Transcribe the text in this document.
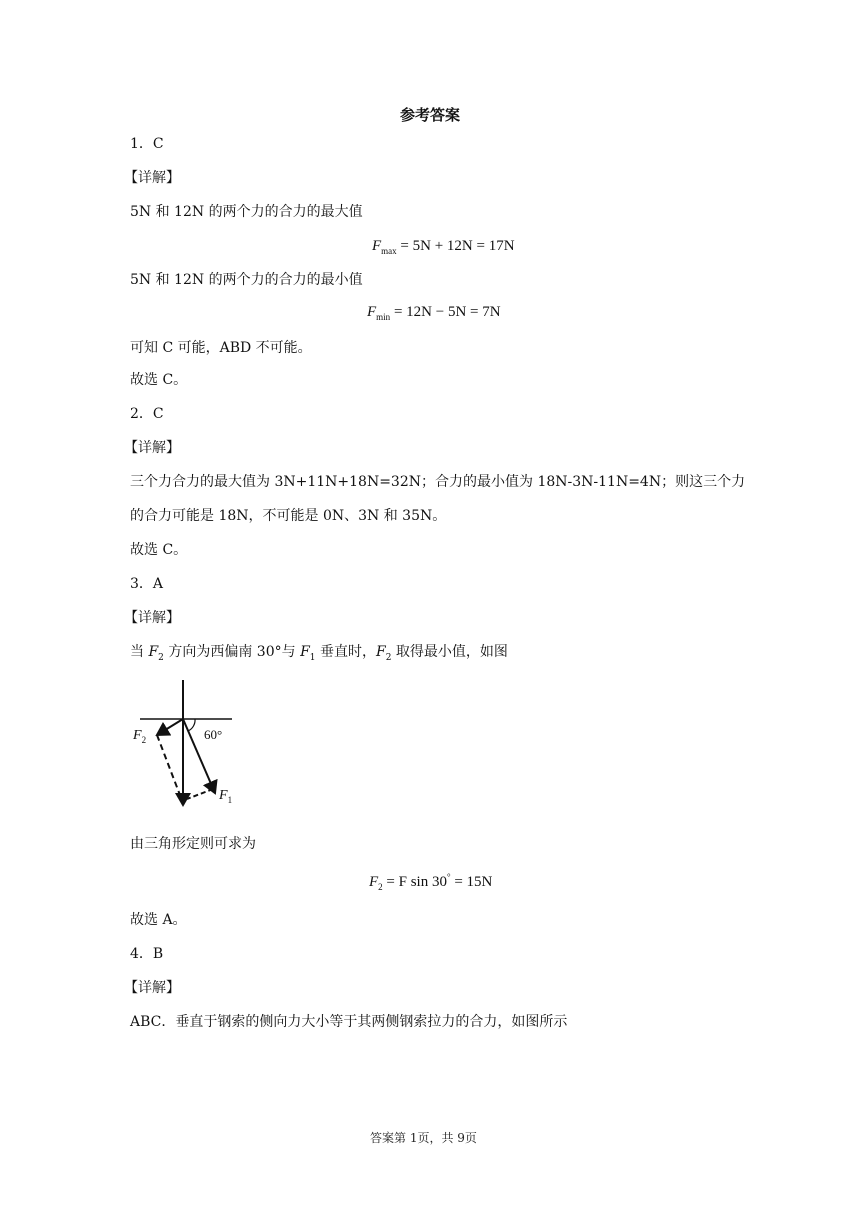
参考答案
1．C
【详解】
5N 和 12N 的两个力的合力的最大值
$F_{max} = 5N + 12N = 17N$
5N 和 12N 的两个力的合力的最小值
$F_{min} = 12N - 5N = 7N$
可知 C 可能，ABD 不可能。
故选 C。
2．C
【详解】
三个力合力的最大值为 3N+11N+18N=32N；合力的最小值为 18N-3N-11N=4N；则这三个力
的合力可能是 18N，不可能是 0N、3N 和 35N。
故选 C。
3．A
【详解】
当 $F_2$ 方向为西偏南 30°与 $F_1$ 垂直时，$F_2$ 取得最小值，如图
60°
$F_2$
$F_1$
由三角形定则可求为
$F_2 = F$ sin 30° = 15N
故选 A。
4．B
【详解】
ABC．垂直于钢索的侧向力大小等于其两侧钢索拉力的合力，如图所示
答案第 1页，共 9页
